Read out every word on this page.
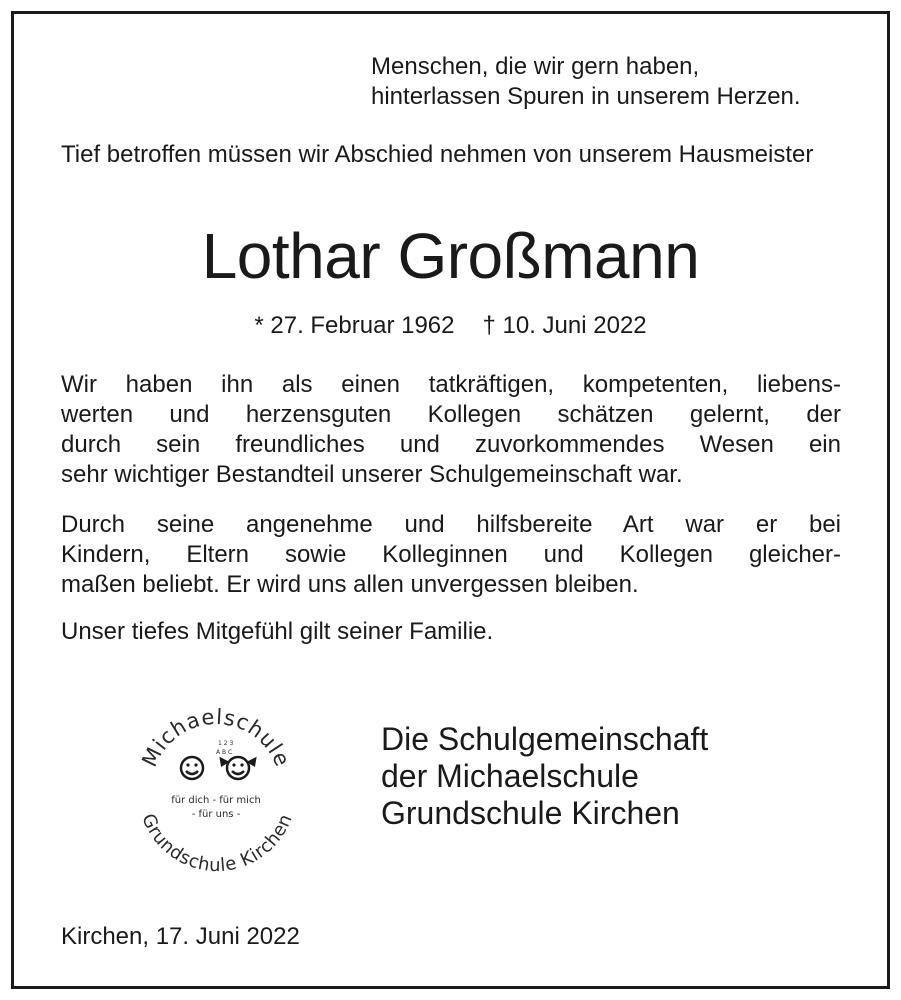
Menschen, die wir gern haben,
hinterlassen Spuren in unserem Herzen.
Tief betroffen müssen wir Abschied nehmen von unserem Hausmeister
Lothar Großmann
* 27. Februar 1962 † 10. Juni 2022
Wir haben ihn als einen tatkräftigen, kompetenten, liebens-
werten und herzensguten Kollegen schätzen gelernt, der
durch sein freundliches und zuvorkommendes Wesen ein
sehr wichtiger Bestandteil unserer Schulgemeinschaft war.
Durch seine angenehme und hilfsbereite Art war er bei
Kindern, Eltern sowie Kolleginnen und Kollegen gleicher-
maßen beliebt. Er wird uns allen unvergessen bleiben.
Unser tiefes Mitgefühl gilt seiner Familie.
Michaelschule
Grundschule Kirchen
1 2 3
A B C
für dich - für mich
- für uns -
Die Schulgemeinschaft
der Michaelschule
Grundschule Kirchen
Kirchen, 17. Juni 2022
